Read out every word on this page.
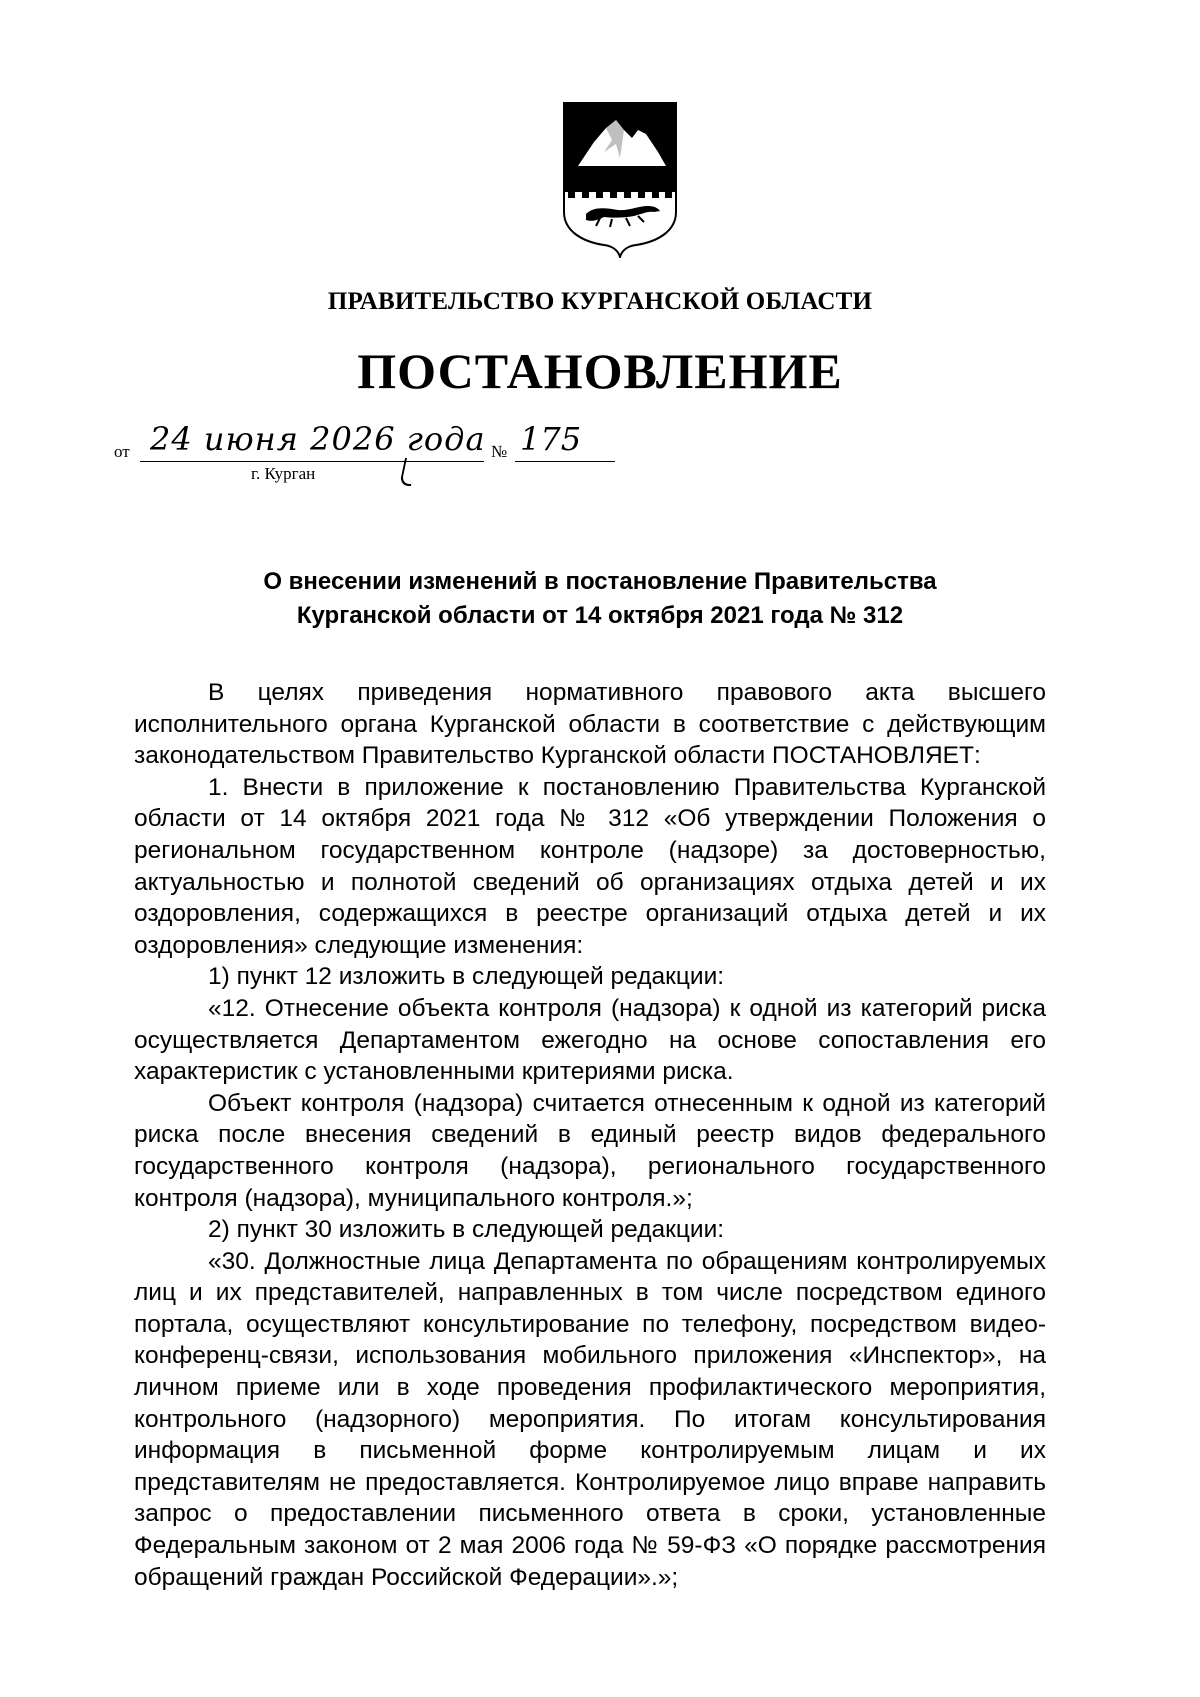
ПРАВИТЕЛЬСТВО КУРГАНСКОЙ ОБЛАСТИ
ПОСТАНОВЛЕНИЕ
от 24 июня 2026 года № 175
г. Курган
О внесении изменений в постановление Правительства
Курганской области от 14 октября 2021 года № 312

В целях приведения нормативного правового акта высшего исполнительного органа Курганской области в соответствие с действующим законодательством Правительство Курганской области ПОСТАНОВЛЯЕТ:

1. Внести в приложение к постановлению Правительства Курганской области от 14 октября 2021 года № 312 «Об утверждении Положения о региональном государственном контроле (надзоре) за достоверностью, актуальностью и полнотой сведений об организациях отдыха детей и их оздоровления, содержащихся в реестре организаций отдыха детей и их оздоровления» следующие изменения:

1) пункт 12 изложить в следующей редакции:

«12. Отнесение объекта контроля (надзора) к одной из категорий риска осуществляется Департаментом ежегодно на основе сопоставления его характеристик с установленными критериями риска.

Объект контроля (надзора) считается отнесенным к одной из категорий риска после внесения сведений в единый реестр видов федерального государственного контроля (надзора), регионального государственного контроля (надзора), муниципального контроля.»;

2) пункт 30 изложить в следующей редакции:

«30. Должностные лица Департамента по обращениям контролируемых лиц и их представителей, направленных в том числе посредством единого портала, осуществляют консультирование по телефону, посредством видео-конференц-связи, использования мобильного приложения «Инспектор», на личном приеме или в ходе проведения профилактического мероприятия, контрольного (надзорного) мероприятия. По итогам консультирования информация в письменной форме контролируемым лицам и их представителям не предоставляется. Контролируемое лицо вправе направить запрос о предоставлении письменного ответа в сроки, установленные Федеральным законом от 2 мая 2006 года № 59-ФЗ «О порядке рассмотрения обращений граждан Российской Федерации».»;
